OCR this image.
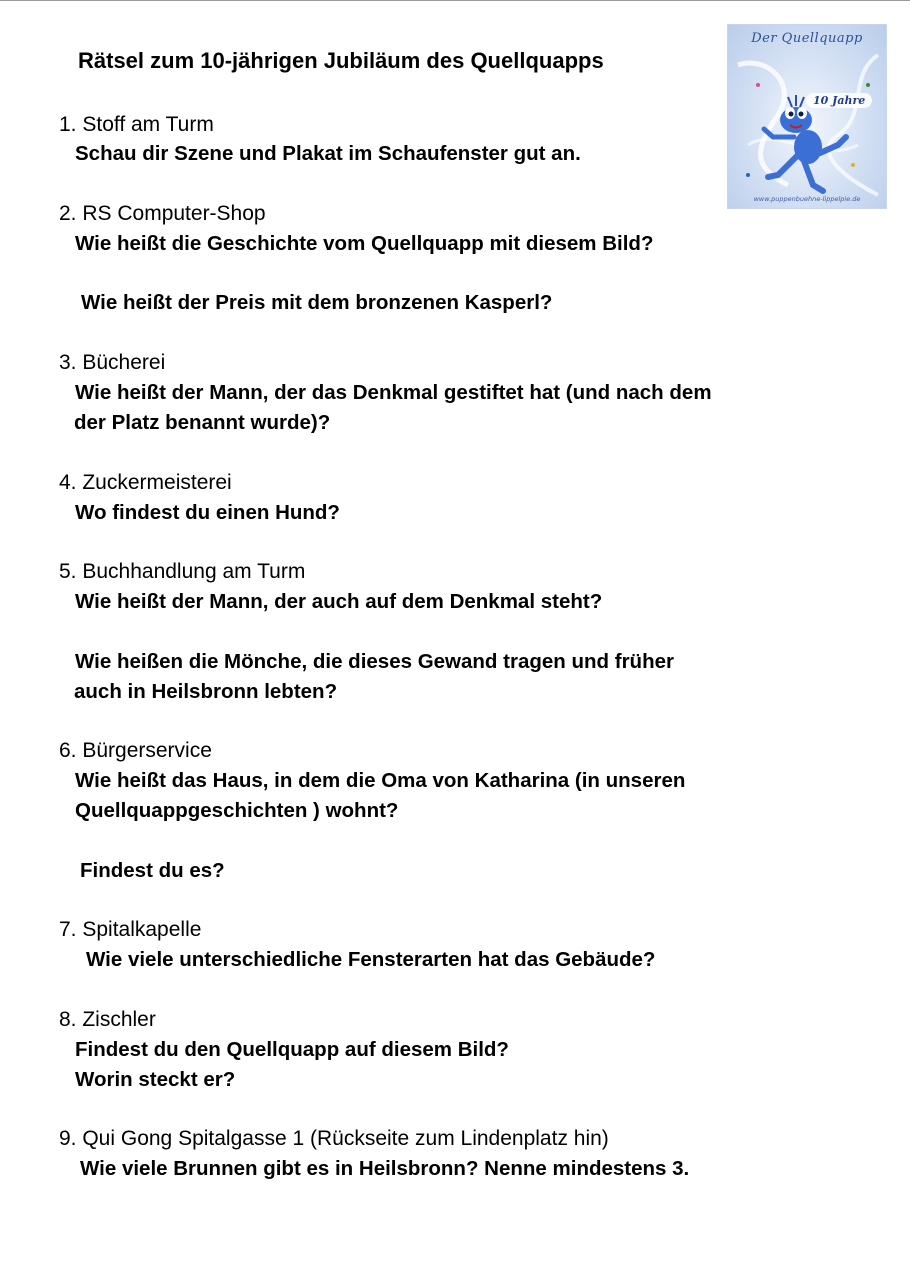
Rätsel zum 10-jährigen Jubiläum des Quellquapps
Der Quellquapp
10 Jahre
www.puppenbuehne-lippelpie.de
1. Stoff am Turm
Schau dir Szene und Plakat im Schaufenster gut an.
2. RS Computer-Shop
Wie heißt die Geschichte vom Quellquapp mit diesem Bild?
Wie heißt der Preis mit dem bronzenen Kasperl?
3. Bücherei
Wie heißt der Mann, der das Denkmal gestiftet hat (und nach dem
der Platz benannt wurde)?
4. Zuckermeisterei
Wo findest du einen Hund?
5. Buchhandlung am Turm
Wie heißt der Mann, der auch auf dem Denkmal steht?
Wie heißen die Mönche, die dieses Gewand tragen und früher
auch in Heilsbronn lebten?
6. Bürgerservice
Wie heißt das Haus, in dem die Oma von Katharina (in unseren
Quellquappgeschichten ) wohnt?
Findest du es?
7. Spitalkapelle
Wie viele unterschiedliche Fensterarten hat das Gebäude?
8. Zischler
Findest du den Quellquapp auf diesem Bild?
Worin steckt er?
9. Qui Gong Spitalgasse 1 (Rückseite zum Lindenplatz hin)
Wie viele Brunnen gibt es in Heilsbronn? Nenne mindestens 3.
